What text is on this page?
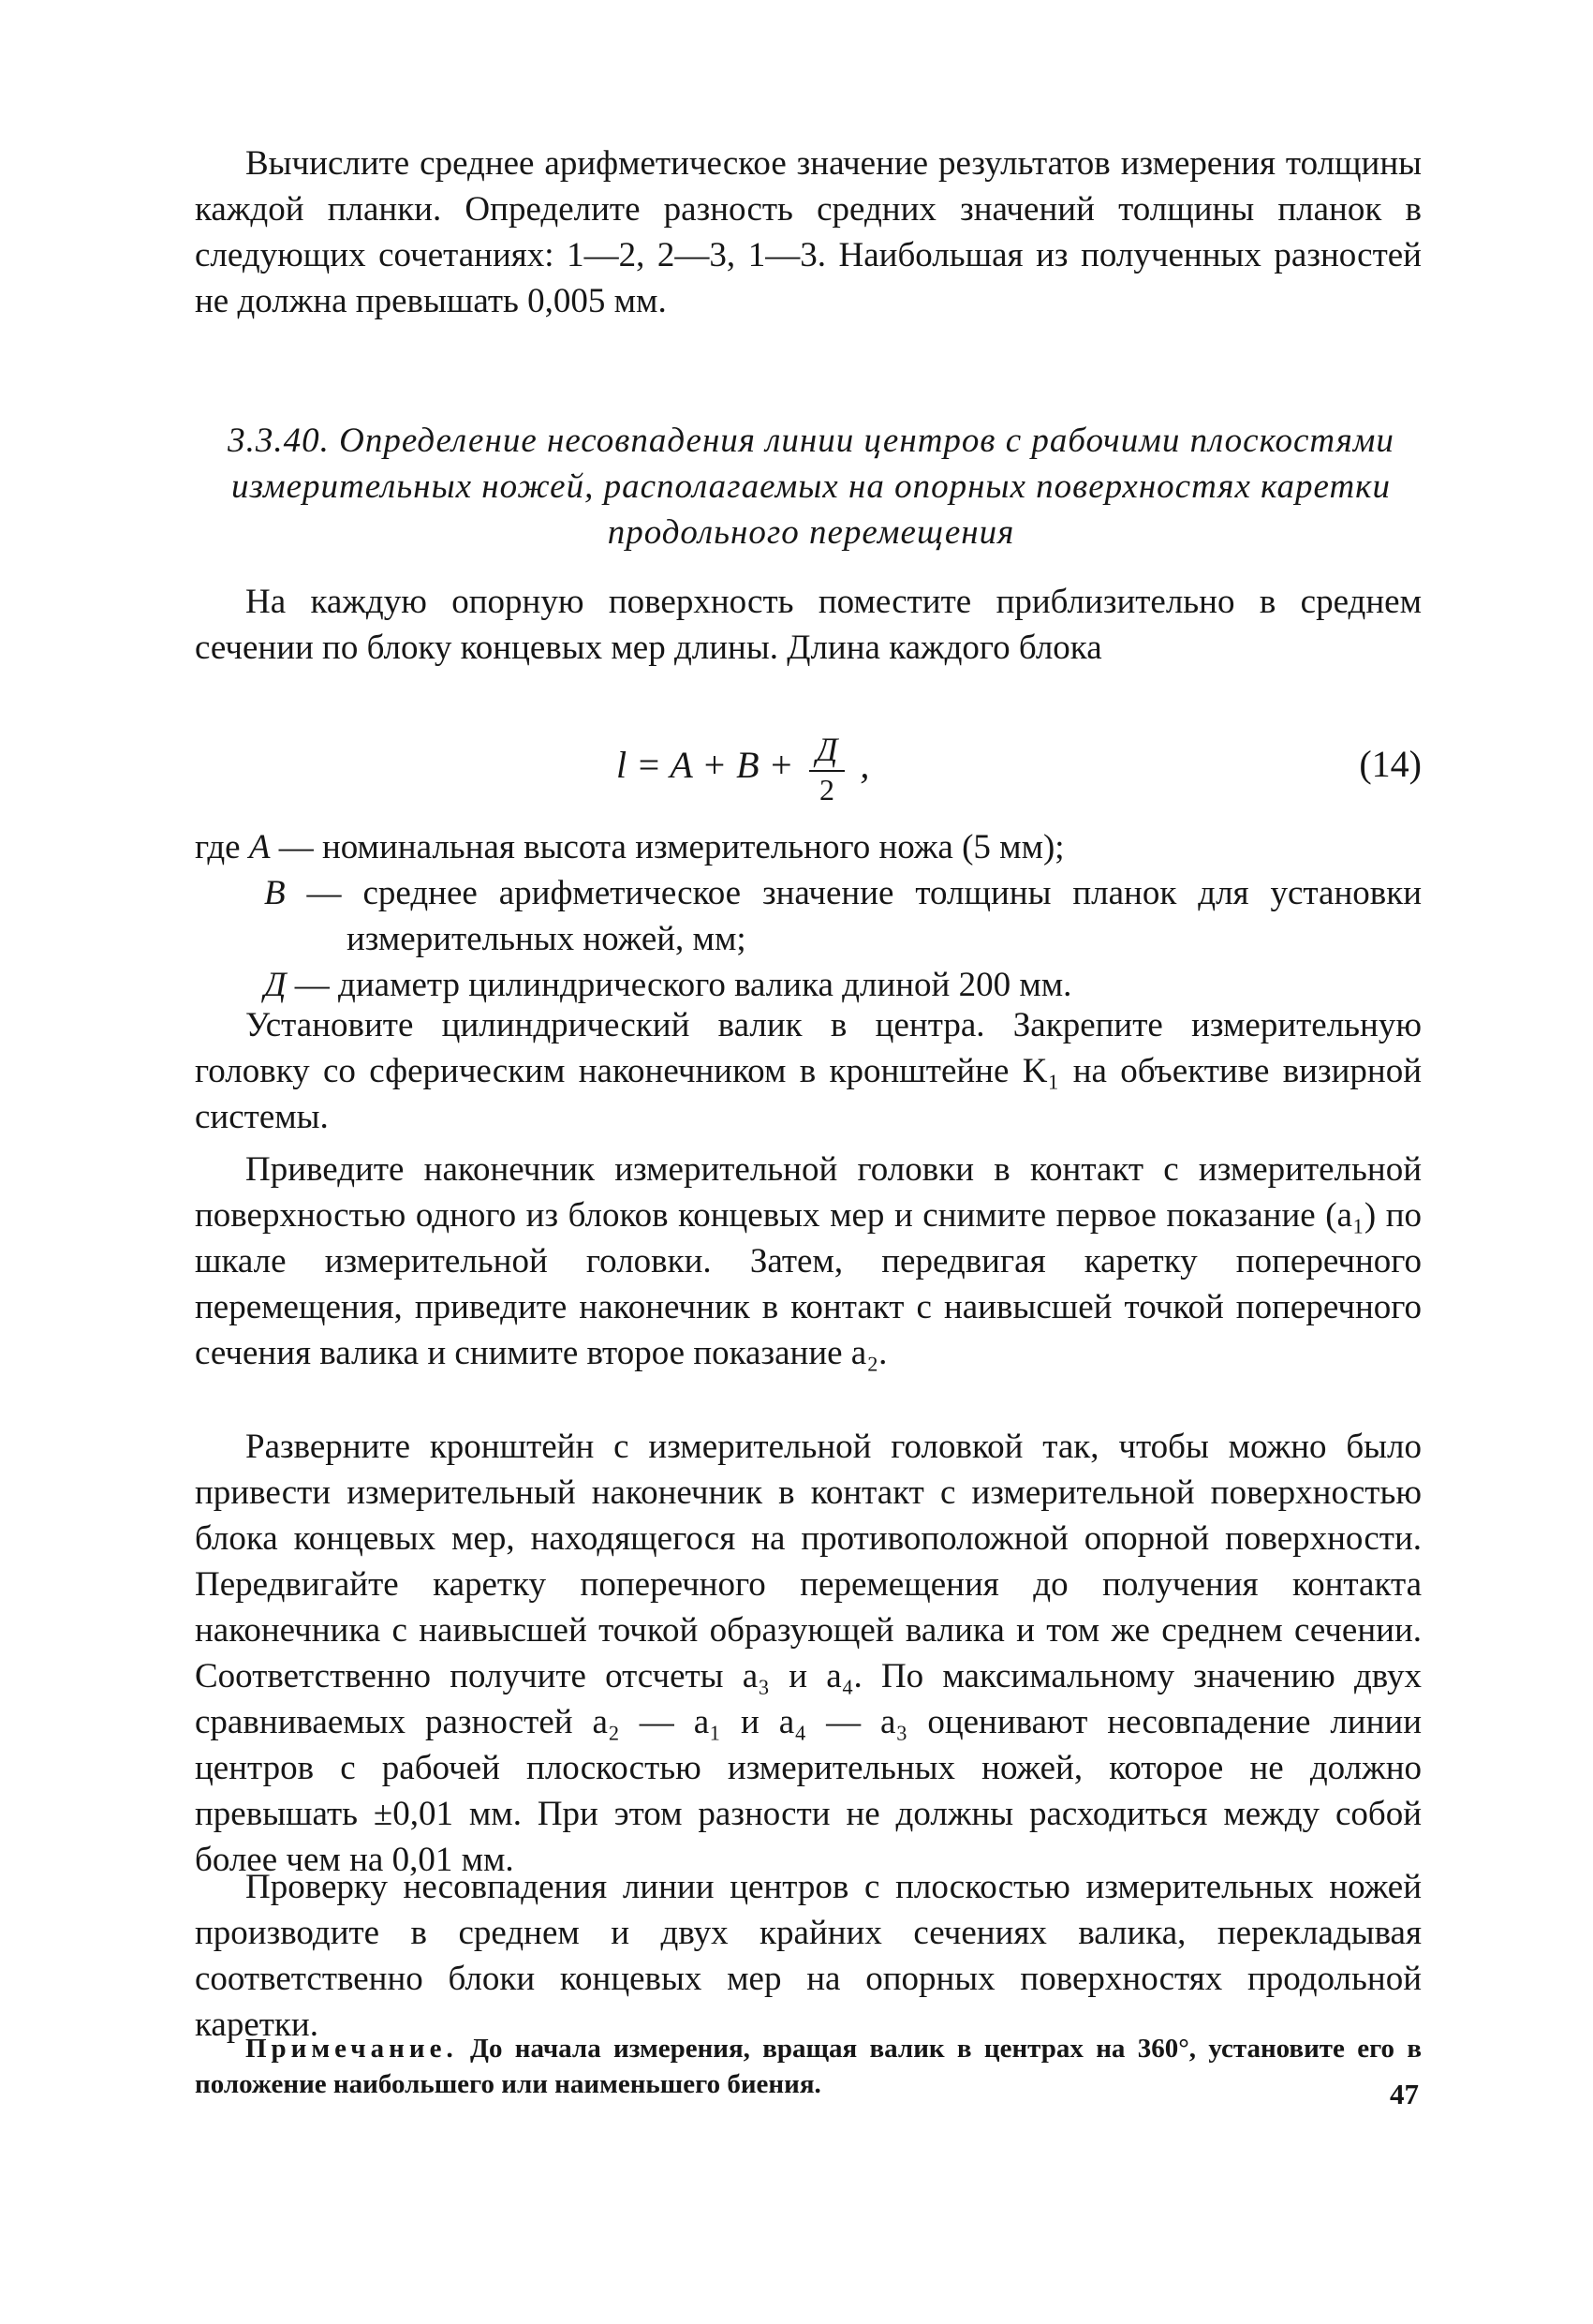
Вычислите среднее арифметическое значение результатов измерения толщины каждой планки. Определите разность средних значений толщины планок в следующих сочетаниях: 1—2, 2—3, 1—3. Наибольшая из полученных разностей не должна превышать 0,005 мм.

3.3.40. Определение несовпадения линии центров с рабочими плоскостями измерительных ножей, располагаемых на опорных поверхностях каретки продольного перемещения

На каждую опорную поверхность поместите приблизительно в среднем сечении по блоку концевых мер длины. Длина каждого блока

$l = A + B + \frac{Д}{2}$ ,	(14)
где A — номинальная высота измерительного ножа (5 мм);
B — среднее арифметическое значение толщины планок для установки измерительных ножей, мм;
Д — диаметр цилиндрического валика длиной 200 мм.

Установите цилиндрический валик в центра. Закрепите измерительную головку со сферическим наконечником в кронштейне K₁ на объективе визирной системы.

Приведите наконечник измерительной головки в контакт с измерительной поверхностью одного из блоков концевых мер и снимите первое показание (a₁) по шкале измерительной головки. Затем, передвигая каретку поперечного перемещения, приведите наконечник в контакт с наивысшей точкой поперечного сечения валика и снимите второе показание a₂.

Разверните кронштейн с измерительной головкой так, чтобы можно было привести измерительный наконечник в контакт с измерительной поверхностью блока концевых мер, находящегося на противоположной опорной поверхности. Передвигайте каретку поперечного перемещения до получения контакта наконечника с наивысшей точкой образующей валика и том же среднем сечении. Соответственно получите отсчеты a₃ и a₄. По максимальному значению двух сравниваемых разностей a₂ — a₁ и a₄ — a₃ оценивают несовпадение линии центров с рабочей плоскостью измерительных ножей, которое не должно превышать ±0,01 мм. При этом разности не должны расходиться между собой более чем на 0,01 мм.

Проверку несовпадения линии центров с плоскостью измерительных ножей производите в среднем и двух крайних сечениях валика, перекладывая соответственно блоки концевых мер на опорных поверхностях продольной каретки.

Примечание. До начала измерения, вращая валик в центрах на 360°, установите его в положение наибольшего или наименьшего биения.	47
